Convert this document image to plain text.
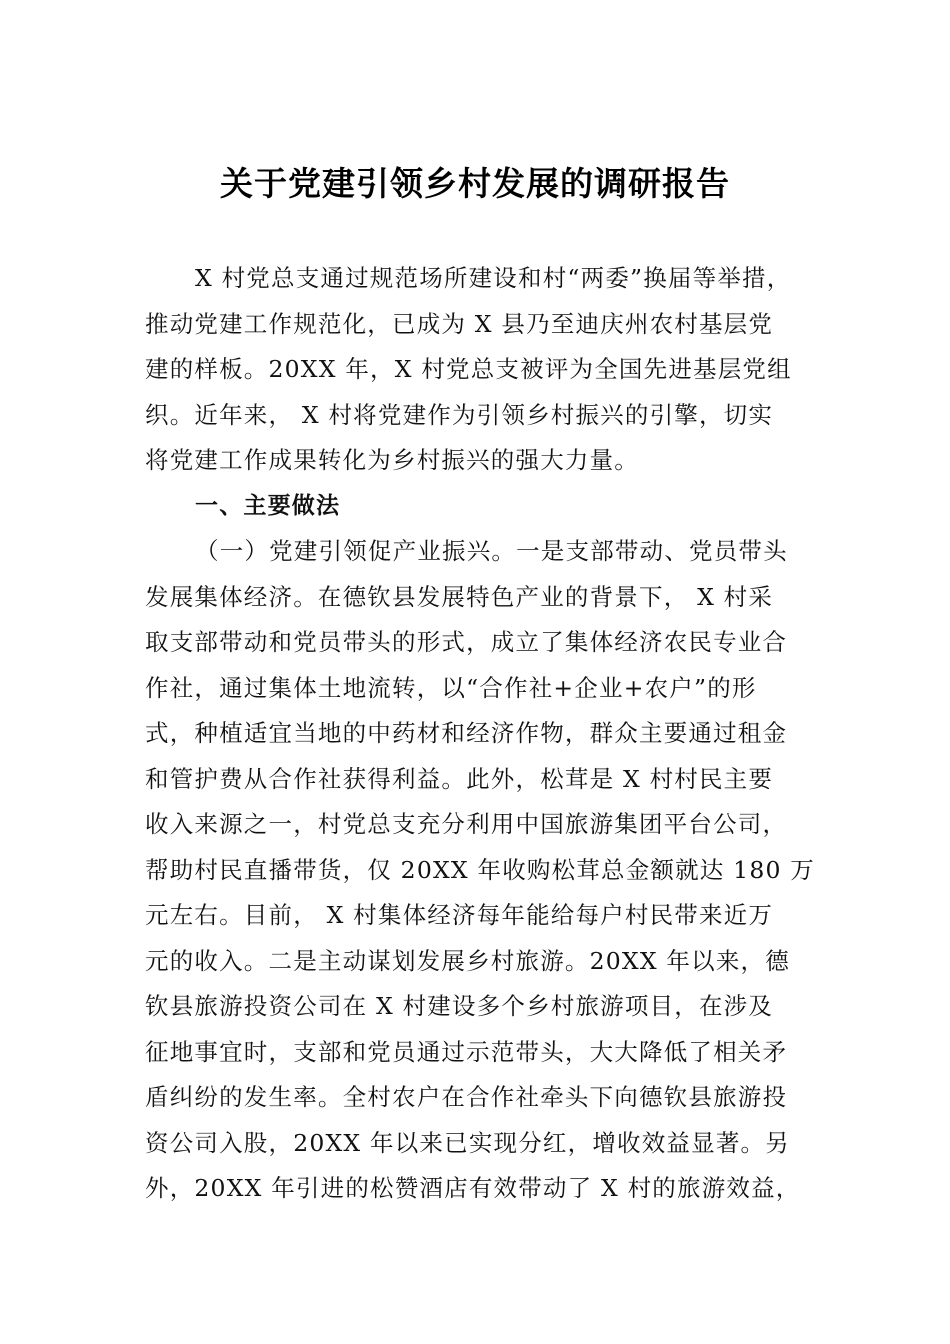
关于党建引领乡村发展的调研报告
X 村党总支通过规范场所建设和村“两委”换届等举措，
推动党建工作规范化，已成为 X 县乃至迪庆州农村基层党
建的样板。20XX 年，X 村党总支被评为全国先进基层党组
织。近年来， X 村将党建作为引领乡村振兴的引擎，切实
将党建工作成果转化为乡村振兴的强大力量。
一、主要做法
（一）党建引领促产业振兴。一是支部带动、党员带头
发展集体经济。在德钦县发展特色产业的背景下， X 村采
取支部带动和党员带头的形式，成立了集体经济农民专业合
作社，通过集体土地流转，以“合作社+企业+农户”的形
式，种植适宜当地的中药材和经济作物，群众主要通过租金
和管护费从合作社获得利益。此外，松茸是 X 村村民主要
收入来源之一，村党总支充分利用中国旅游集团平台公司，
帮助村民直播带货，仅 20XX 年收购松茸总金额就达 180 万
元左右。目前， X 村集体经济每年能给每户村民带来近万
元的收入。二是主动谋划发展乡村旅游。20XX 年以来，德
钦县旅游投资公司在 X 村建设多个乡村旅游项目，在涉及
征地事宜时，支部和党员通过示范带头，大大降低了相关矛
盾纠纷的发生率。全村农户在合作社牵头下向德钦县旅游投
资公司入股，20XX 年以来已实现分红，增收效益显著。另
外，20XX 年引进的松赞酒店有效带动了 X 村的旅游效益，
